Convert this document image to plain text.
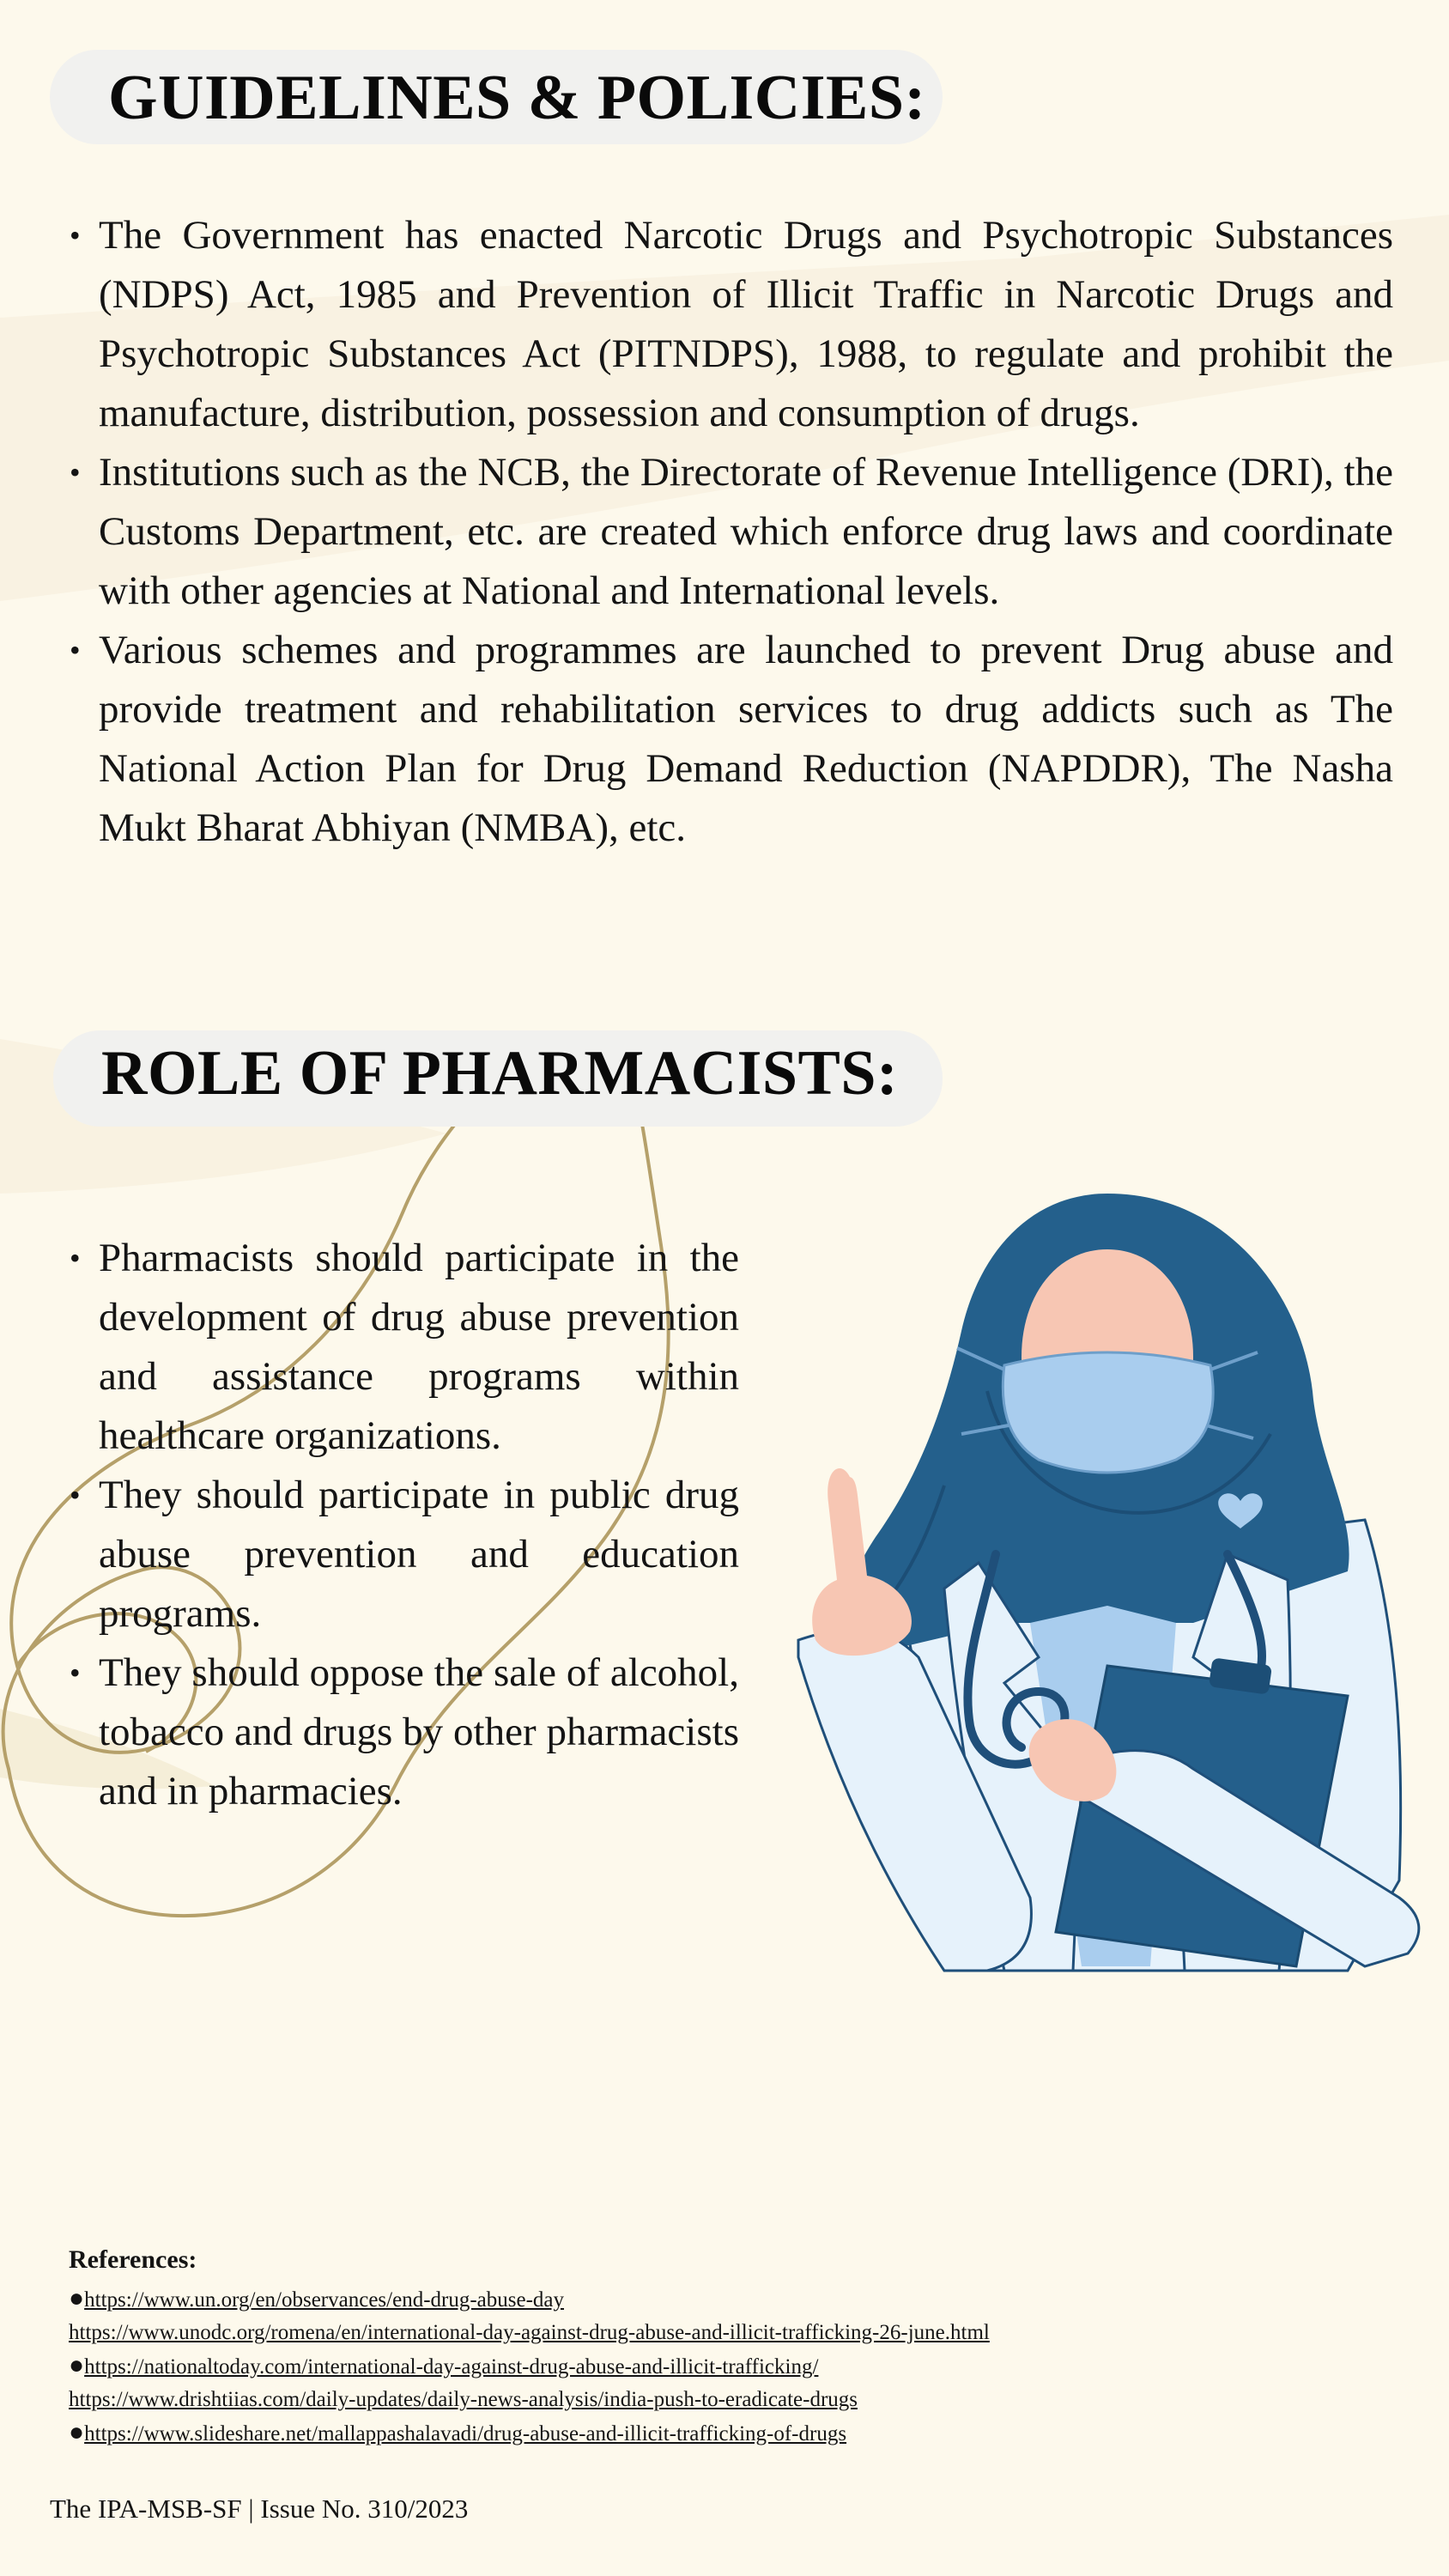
GUIDELINES & POLICIES:
• The Government has enacted Narcotic Drugs and Psychotropic Substances (NDPS) Act, 1985 and Prevention of Illicit Traffic in Narcotic Drugs and Psychotropic Substances Act (PITNDPS), 1988, to regulate and prohibit the manufacture, distribution, possession and consumption of drugs.
• Institutions such as the NCB, the Directorate of Revenue Intelligence (DRI), the Customs Department, etc. are created which enforce drug laws and coordinate with other agencies at National and International levels.
• Various schemes and programmes are launched to prevent Drug abuse and provide treatment and rehabilitation services to drug addicts such as The National Action Plan for Drug Demand Reduction (NAPDDR), The Nasha Mukt Bharat Abhiyan (NMBA), etc.
ROLE OF PHARMACISTS:
• Pharmacists should participate in the development of drug abuse prevention and assistance programs within healthcare organizations.
• They should participate in public drug abuse prevention and education programs.
• They should oppose the sale of alcohol, tobacco and drugs by other pharmacists and in pharmacies.

References:

●https://www.un.org/en/observances/end-drug-abuse-day
https://www.unodc.org/romena/en/international-day-against-drug-abuse-and-illicit-trafficking-26-june.html
●https://nationaltoday.com/international-day-against-drug-abuse-and-illicit-trafficking/
https://www.drishtiias.com/daily-updates/daily-news-analysis/india-push-to-eradicate-drugs
●https://www.slideshare.net/mallappashalavadi/drug-abuse-and-illicit-trafficking-of-drugs
The IPA-MSB-SF | Issue No. 310/2023
